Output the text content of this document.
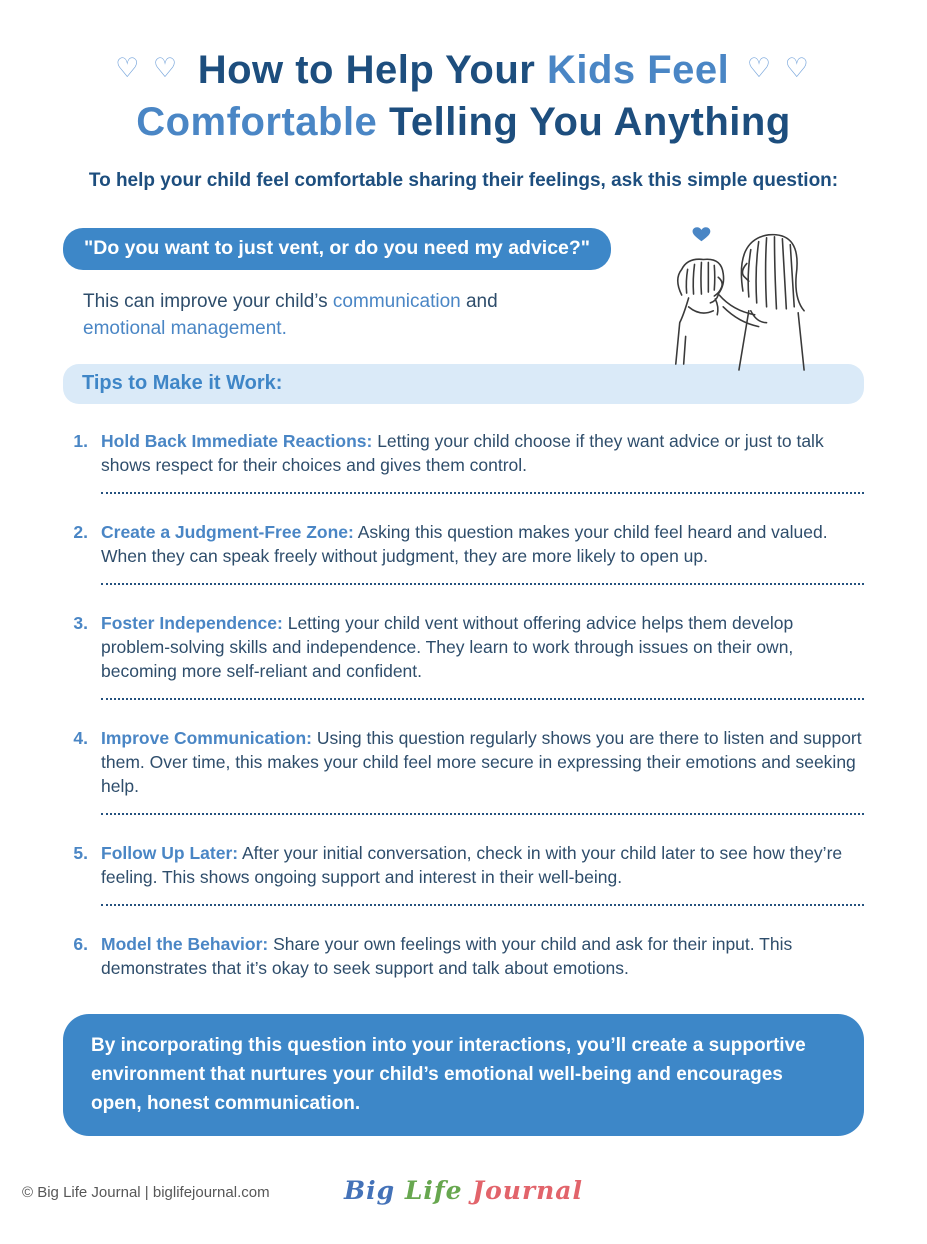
♡ ♡ How to Help Your Kids Feel ♡ ♡
Comfortable Telling You Anything

To help your child feel comfortable sharing their feelings, ask this simple question:

"Do you want to just vent, or do you need my advice?"

This can improve your child’s communication and
emotional management.

Tips to Make it Work:
1. Hold Back Immediate Reactions: Letting your child choose if they want advice or just to talk shows respect for their choices and gives them control.

2. Create a Judgment-Free Zone: Asking this question makes your child feel heard and valued. When they can speak freely without judgment, they are more likely to open up.

3. Foster Independence: Letting your child vent without offering advice helps them develop problem-solving skills and independence. They learn to work through issues on their own, becoming more self-reliant and confident.

4. Improve Communication: Using this question regularly shows you are there to listen and support them. Over time, this makes your child feel more secure in expressing their emotions and seeking help.

5. Follow Up Later: After your initial conversation, check in with your child later to see how they’re feeling. This shows ongoing support and interest in their well-being.

6. Model the Behavior: Share your own feelings with your child and ask for their input. This demonstrates that it’s okay to seek support and talk about emotions.

By incorporating this question into your interactions, you’ll create a supportive environment that nurtures your child’s emotional well-being and encourages open, honest communication.
© Big Life Journal | biglifejournal.com	Big Life Journal
